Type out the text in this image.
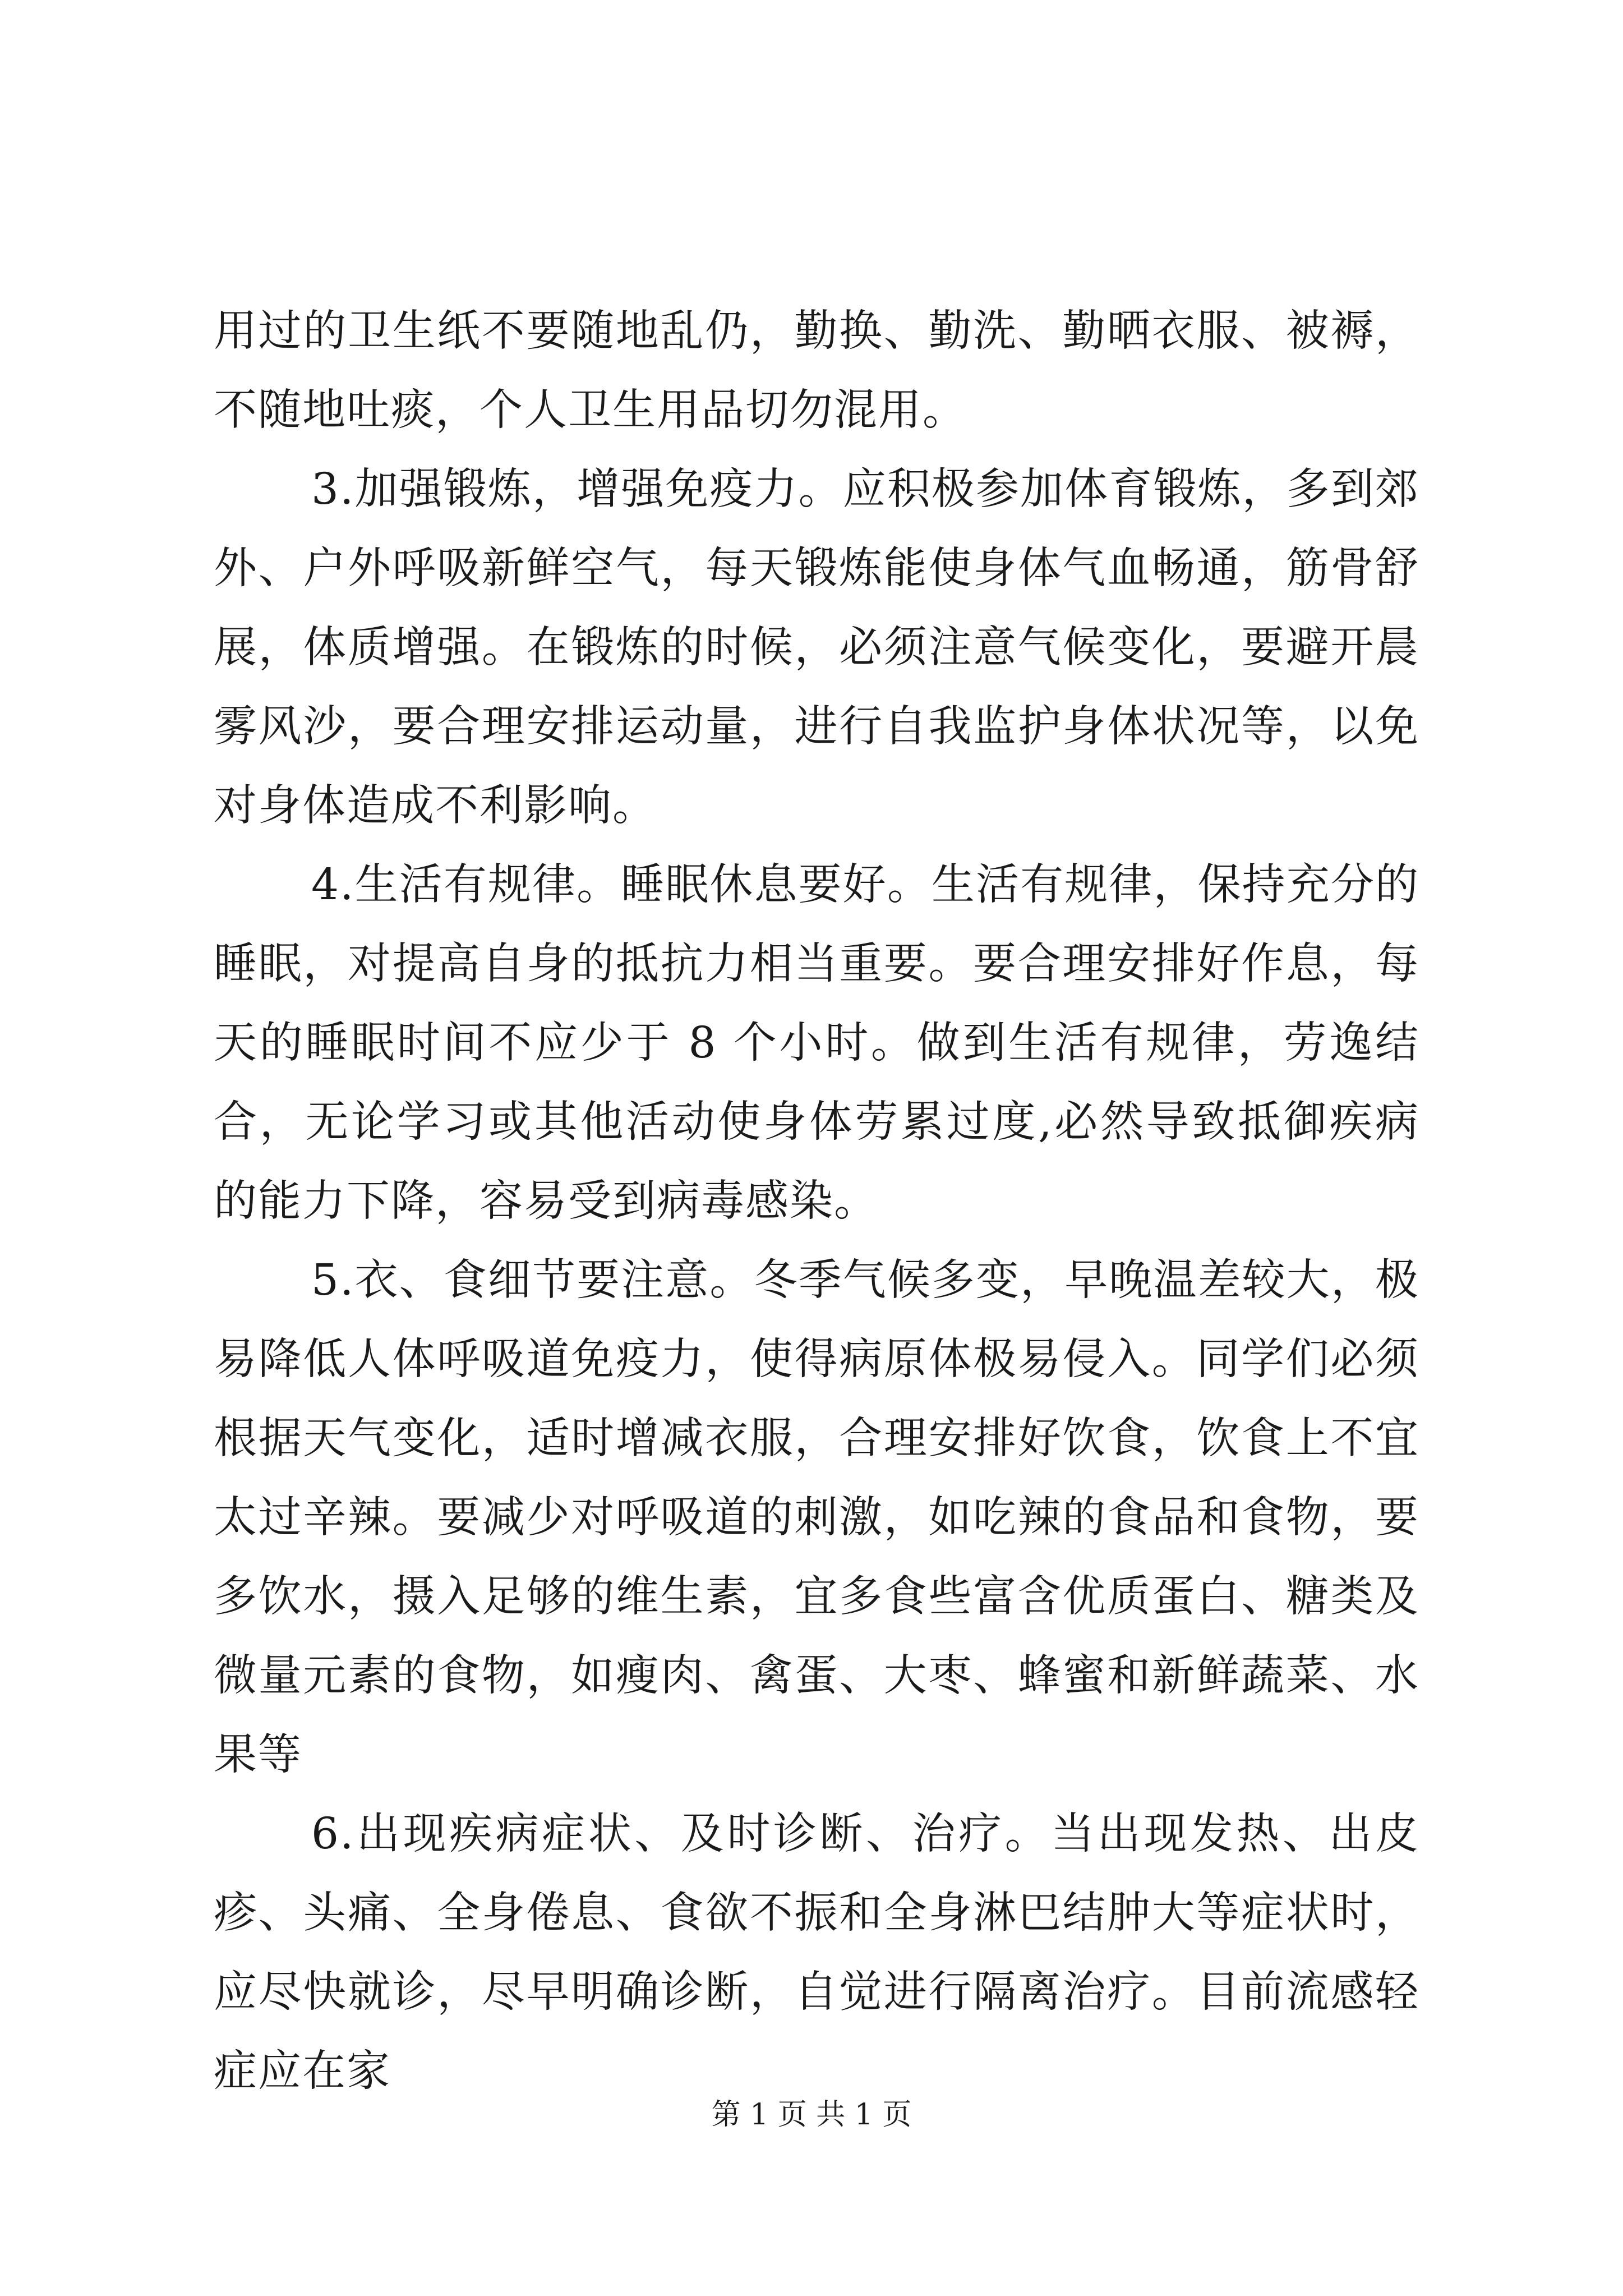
用过的卫生纸不要随地乱仍，勤换、勤洗、勤晒衣服、被褥，不随地吐痰，个人卫生用品切勿混用。

3.加强锻炼，增强免疫力。应积极参加体育锻炼，多到郊外、户外呼吸新鲜空气，每天锻炼能使身体气血畅通，筋骨舒展，体质增强。在锻炼的时候，必须注意气候变化，要避开晨雾风沙，要合理安排运动量，进行自我监护身体状况等，以免对身体造成不利影响。

4.生活有规律。睡眠休息要好。生活有规律，保持充分的睡眠，对提高自身的抵抗力相当重要。要合理安排好作息，每天的睡眠时间不应少于 8 个小时。做到生活有规律，劳逸结合，无论学习或其他活动使身体劳累过度,必然导致抵御疾病的能力下降，容易受到病毒感染。

5.衣、食细节要注意。冬季气候多变，早晚温差较大，极易降低人体呼吸道免疫力，使得病原体极易侵入。同学们必须根据天气变化，适时增减衣服，合理安排好饮食，饮食上不宜太过辛辣。要减少对呼吸道的刺激，如吃辣的食品和食物，要多饮水，摄入足够的维生素，宜多食些富含优质蛋白、糖类及微量元素的食物，如瘦肉、禽蛋、大枣、蜂蜜和新鲜蔬菜、水果等

6.出现疾病症状、及时诊断、治疗。当出现发热、出皮疹、头痛、全身倦息、食欲不振和全身淋巴结肿大等症状时，应尽快就诊，尽早明确诊断，自觉进行隔离治疗。目前流感轻症应在家

第 1 页 共 1 页
